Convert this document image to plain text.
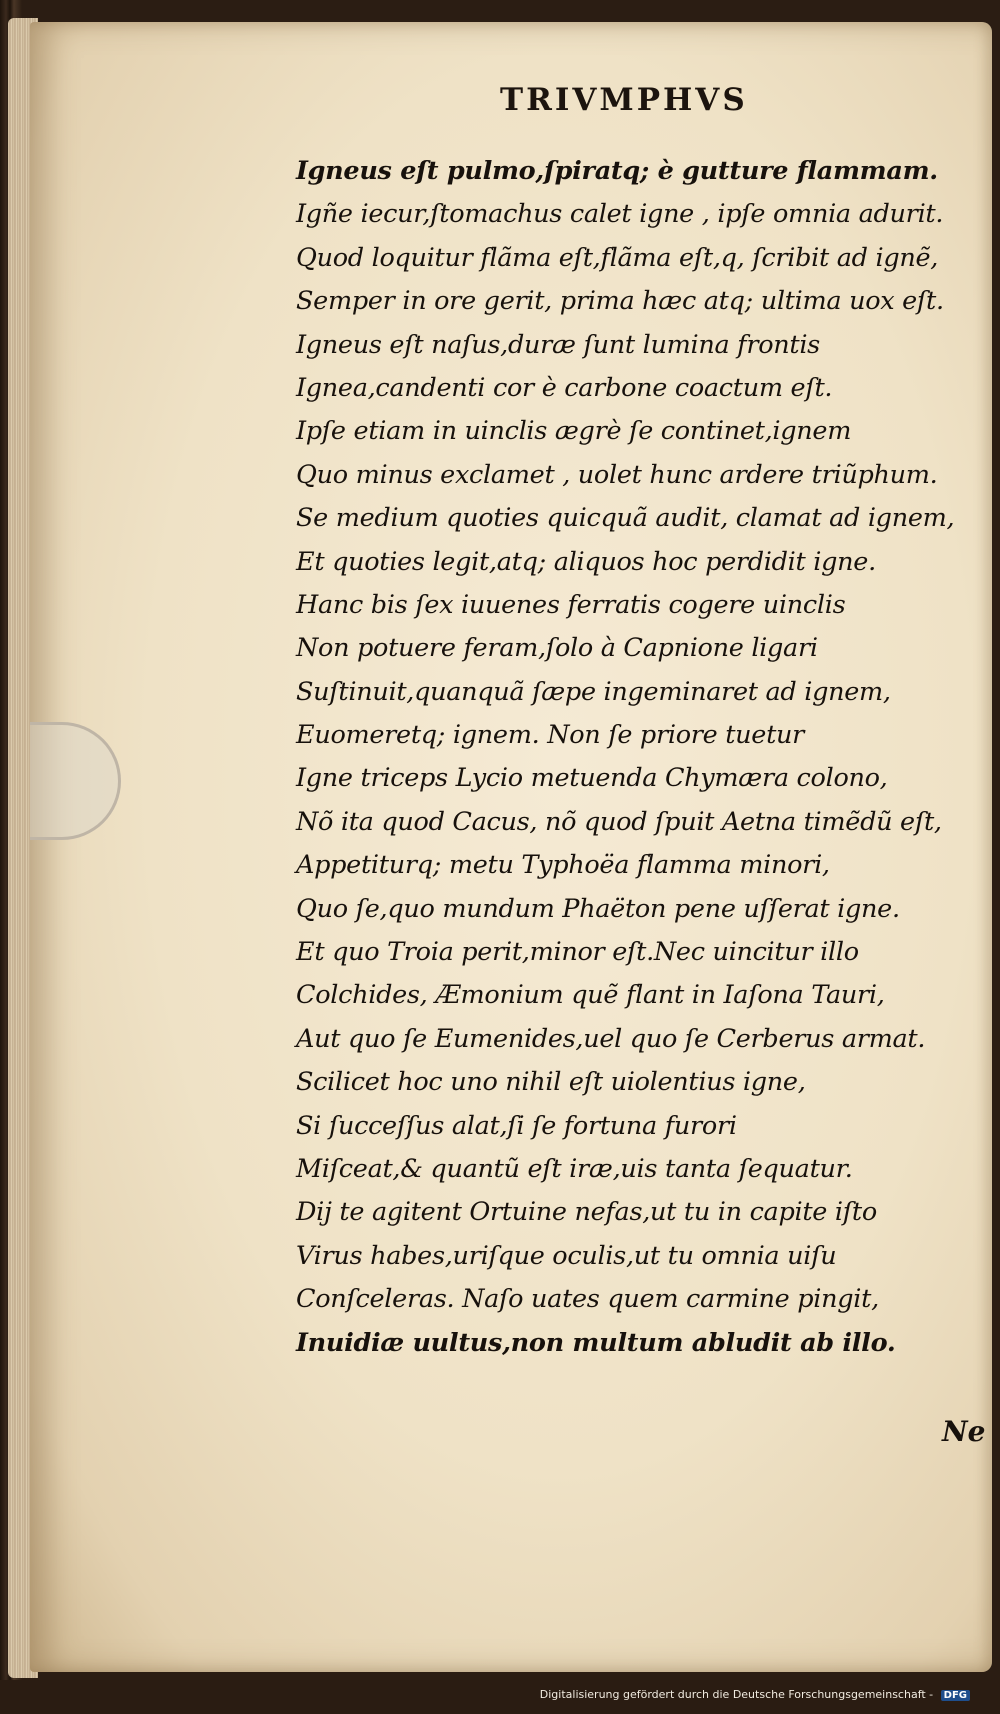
TRIVMPHVS
Igneus eſt pulmo,ſpiratq; è gutture flammam.
Igñe iecur,ſtomachus calet igne , ipſe omnia adurit.
Quod loquitur flãma eſt,flãma eſt,q, ſcribit ad ignẽ,
Semper in ore gerit, prima hæc atq; ultima uox eſt.
Igneus eſt naſus,duræ ſunt lumina frontis
Ignea,candenti cor è carbone coactum eſt.
Ipſe etiam in uinclis ægrè ſe continet,ignem
Quo minus exclamet , uolet hunc ardere triũphum.
Se medium quoties quicquã audit, clamat ad ignem,
Et quoties legit,atq; aliquos hoc perdidit igne.
Hanc bis ſex iuuenes ferratis cogere uinclis
Non potuere feram,ſolo à Capnione ligari
Suſtinuit,quanquã ſæpe ingeminaret ad ignem,
Euomeretq; ignem. Non ſe priore tuetur
Igne triceps Lycio metuenda Chymæra colono,
Nõ ita quod Cacus, nõ quod ſpuit Aetna timẽdũ eſt,
Appetiturq; metu Typhoëa flamma minori,
Quo ſe,quo mundum Phaëton pene uſſerat igne.
Et quo Troia perit,minor eſt.Nec uincitur illo
Colchides, Æmonium quẽ flant in Iaſona Tauri,
Aut quo ſe Eumenides,uel quo ſe Cerberus armat.
Scilicet hoc uno nihil eſt uiolentius igne,
Si ſucceſſus alat,ſi ſe fortuna furori
Miſceat,& quantũ eſt iræ,uis tanta ſequatur.
Dij te agitent Ortuine nefas,ut tu in capite iſto
Virus habes,uriſque oculis,ut tu omnia uiſu
Conſceleras. Naſo uates quem carmine pingit,
Inuidiæ uultus,non multum abludit ab illo.
Ne
Digitalisierung gefördert durch die Deutsche Forschungsgemeinschaft - DFG
